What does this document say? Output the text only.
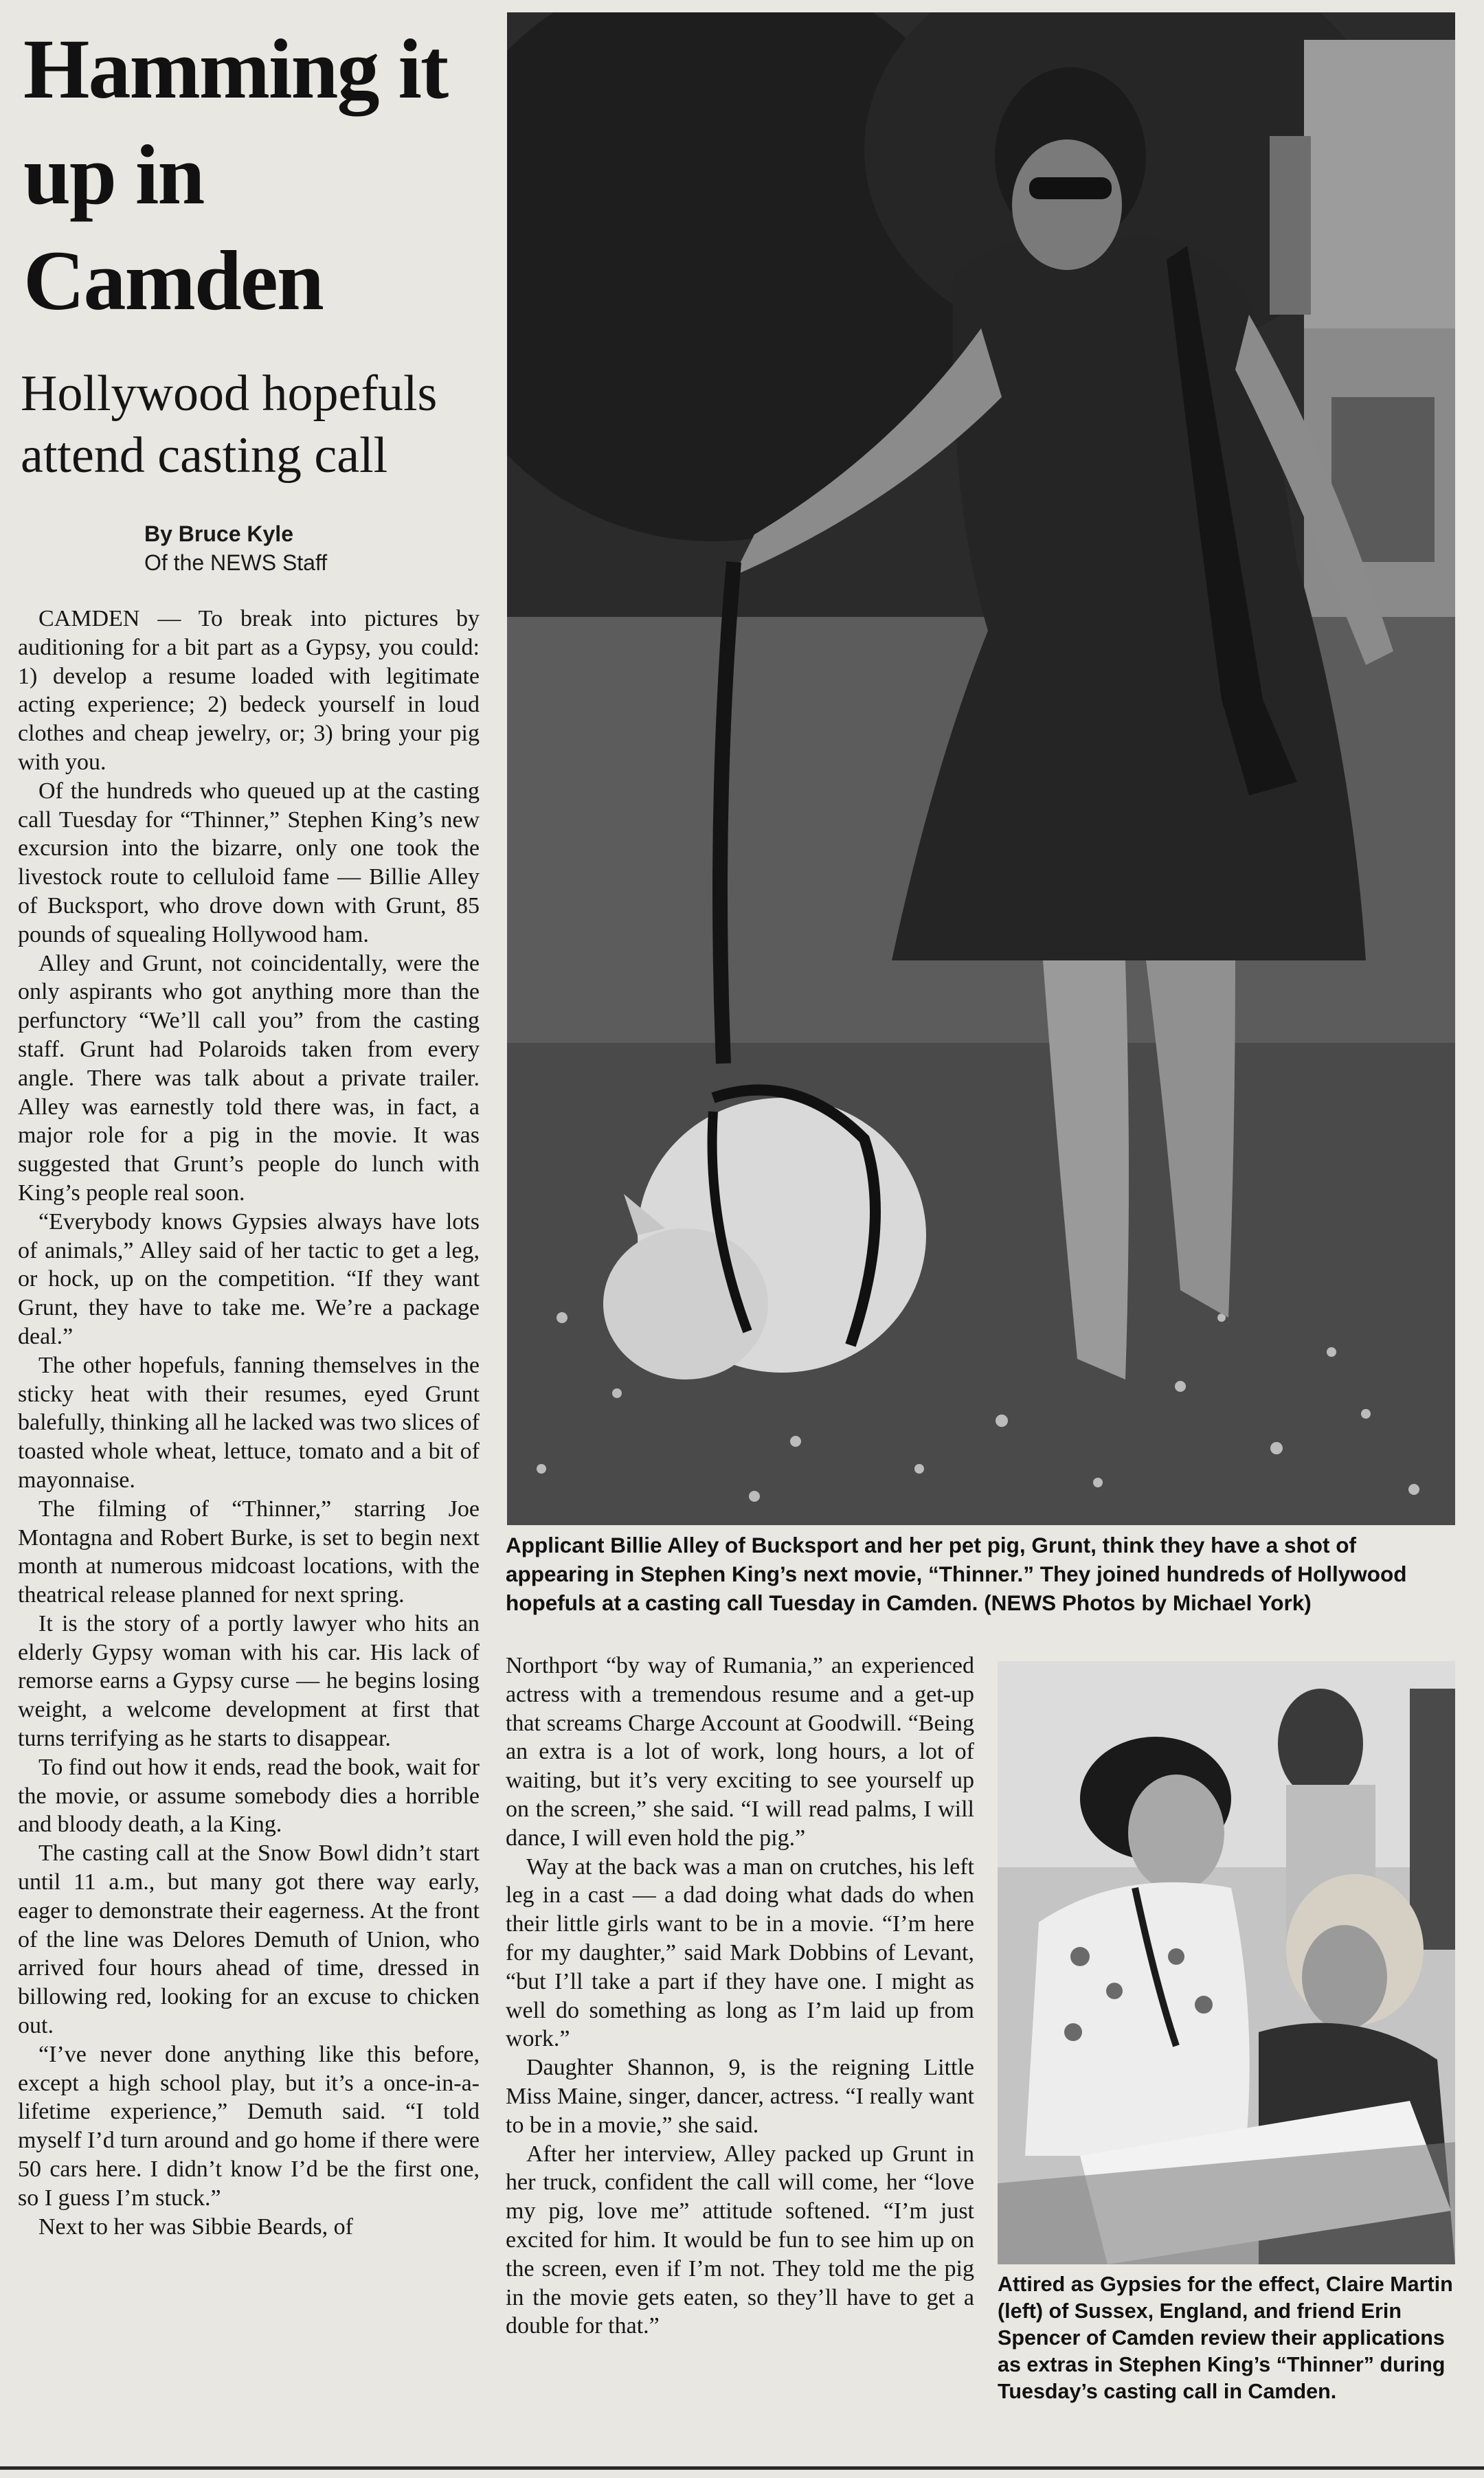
Hamming it up in Camden
Hollywood hopefuls attend casting call
By Bruce Kyle
Of the NEWS Staff

CAMDEN — To break into pictures by auditioning for a bit part as a Gypsy, you could: 1) develop a resume loaded with legitimate acting experience; 2) bedeck yourself in loud clothes and cheap jewelry, or; 3) bring your pig with you.

Of the hundreds who queued up at the casting call Tuesday for “Thinner,” Stephen King’s new excursion into the bizarre, only one took the livestock route to celluloid fame — Billie Alley of Bucksport, who drove down with Grunt, 85 pounds of squealing Hollywood ham.

Alley and Grunt, not coincidentally, were the only aspirants who got anything more than the perfunctory “We’ll call you” from the casting staff. Grunt had Polaroids taken from every angle. There was talk about a private trailer. Alley was earnestly told there was, in fact, a major role for a pig in the movie. It was suggested that Grunt’s people do lunch with King’s people real soon.

“Everybody knows Gypsies always have lots of animals,” Alley said of her tactic to get a leg, or hock, up on the competition. “If they want Grunt, they have to take me. We’re a package deal.”

The other hopefuls, fanning themselves in the sticky heat with their resumes, eyed Grunt balefully, thinking all he lacked was two slices of toasted whole wheat, lettuce, tomato and a bit of mayonnaise.

The filming of “Thinner,” starring Joe Montagna and Robert Burke, is set to begin next month at numerous midcoast locations, with the theatrical release planned for next spring.

It is the story of a portly lawyer who hits an elderly Gypsy woman with his car. His lack of remorse earns a Gypsy curse — he begins losing weight, a welcome development at first that turns terrifying as he starts to disappear.

To find out how it ends, read the book, wait for the movie, or assume somebody dies a horrible and bloody death, a la King.

The casting call at the Snow Bowl didn’t start until 11 a.m., but many got there way early, eager to demonstrate their eagerness. At the front of the line was Delores Demuth of Union, who arrived four hours ahead of time, dressed in billowing red, looking for an excuse to chicken out.

“I’ve never done anything like this before, except a high school play, but it’s a once-in-a-lifetime experience,” Demuth said. “I told myself I’d turn around and go home if there were 50 cars here. I didn’t know I’d be the first one, so I guess I’m stuck.”

Next to her was Sibbie Beards, of

Applicant Billie Alley of Bucksport and her pet pig, Grunt, think they have a shot of appearing in Stephen King’s next movie, “Thinner.” They joined hundreds of Hollywood hopefuls at a casting call Tuesday in Camden. (NEWS Photos by Michael York)

Northport “by way of Rumania,” an experienced actress with a tremendous resume and a get-up that screams Charge Account at Goodwill. “Being an extra is a lot of work, long hours, a lot of waiting, but it’s very exciting to see yourself up on the screen,” she said. “I will read palms, I will dance, I will even hold the pig.”

Way at the back was a man on crutches, his left leg in a cast — a dad doing what dads do when their little girls want to be in a movie. “I’m here for my daughter,” said Mark Dobbins of Levant, “but I’ll take a part if they have one. I might as well do something as long as I’m laid up from work.”

Daughter Shannon, 9, is the reigning Little Miss Maine, singer, dancer, actress. “I really want to be in a movie,” she said.

After her interview, Alley packed up Grunt in her truck, confident the call will come, her “love my pig, love me” attitude softened. “I’m just excited for him. It would be fun to see him up on the screen, even if I’m not. They told me the pig in the movie gets eaten, so they’ll have to get a double for that.”

Attired as Gypsies for the effect, Claire Martin (left) of Sussex, England, and friend Erin Spencer of Camden review their applications as extras in Stephen King’s “Thinner” during Tuesday’s casting call in Camden.
